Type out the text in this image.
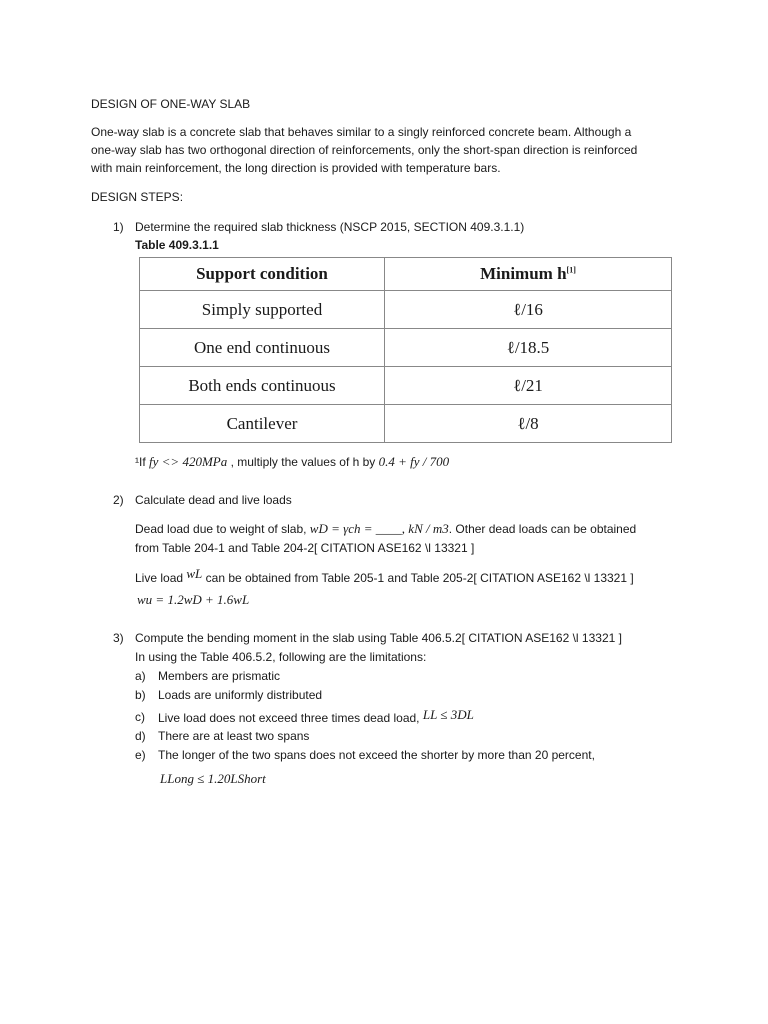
DESIGN OF ONE-WAY SLAB
One-way slab is a concrete slab that behaves similar to a singly reinforced concrete beam. Although a
one-way slab has two orthogonal direction of reinforcements, only the short-span direction is reinforced
with main reinforcement, the long direction is provided with temperature bars.
DESIGN STEPS:
1) Determine the required slab thickness (NSCP 2015, SECTION 409.3.1.1)
Table 409.3.1.1
Support condition	Minimum h[1]
Simply supported	ℓ/16
One end continuous	ℓ/18.5
Both ends continuous	ℓ/21
Cantilever	ℓ/8
¹If fy <> 420MPa , multiply the values of h by 0.4 + fy / 700
2) Calculate dead and live loads
Dead load due to weight of slab, wD = γch = ____, kN / m3. Other dead loads can be obtained
from Table 204-1 and Table 204-2[ CITATION ASE162 \l 13321 ]
Live load wL can be obtained from Table 205-1 and Table 205-2[ CITATION ASE162 \l 13321 ]
wu = 1.2wD + 1.6wL
3) Compute the bending moment in the slab using Table 406.5.2[ CITATION ASE162 \l 13321 ]
In using the Table 406.5.2, following are the limitations:
a) Members are prismatic
b) Loads are uniformly distributed
c) Live load does not exceed three times dead load, LL ≤ 3DL
d) There are at least two spans
e) The longer of the two spans does not exceed the shorter by more than 20 percent,
LLong ≤ 1.20LShort
